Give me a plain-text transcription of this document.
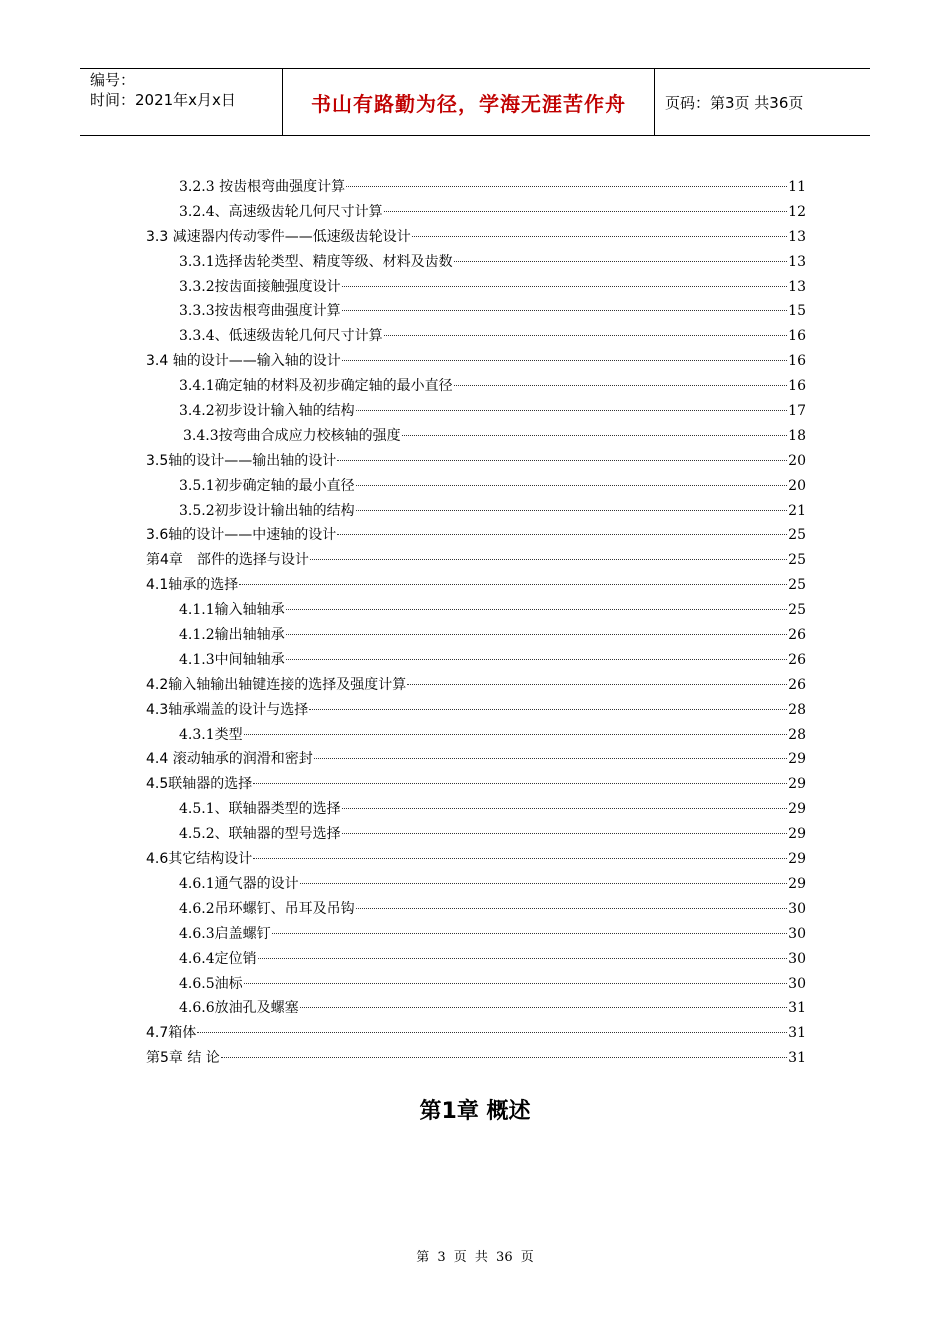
编号：
时间：2021年x月x日	书山有路勤为径，学海无涯苦作舟	页码：第3页 共36页
3.2.3 按齿根弯曲强度计算	11
3.2.4、高速级齿轮几何尺寸计算	12
3.3 减速器内传动零件——低速级齿轮设计	13
3.3.1选择齿轮类型、精度等级、材料及齿数	13
3.3.2按齿面接触强度设计	13
3.3.3按齿根弯曲强度计算	15
3.3.4、低速级齿轮几何尺寸计算	16
3.4 轴的设计——输入轴的设计	16
3.4.1确定轴的材料及初步确定轴的最小直径	16
3.4.2初步设计输入轴的结构	17
3.4.3按弯曲合成应力校核轴的强度	18
3.5轴的设计——输出轴的设计	20
3.5.1初步确定轴的最小直径	20
3.5.2初步设计输出轴的结构	21
3.6轴的设计——中速轴的设计	25
第4章　部件的选择与设计	25
4.1轴承的选择	25
4.1.1输入轴轴承	25
4.1.2输出轴轴承	26
4.1.3中间轴轴承	26
4.2输入轴输出轴键连接的选择及强度计算	26
4.3轴承端盖的设计与选择	28
4.3.1类型	28
4.4 滚动轴承的润滑和密封	29
4.5联轴器的选择	29
4.5.1、联轴器类型的选择	29
4.5.2、联轴器的型号选择	29
4.6其它结构设计	29
4.6.1通气器的设计	29
4.6.2吊环螺钉、吊耳及吊钩	30
4.6.3启盖螺钉	30
4.6.4定位销	30
4.6.5油标	30
4.6.6放油孔及螺塞	31
4.7箱体	31
第5章 结 论	31
第1章 概述
第 3 页 共 36 页
